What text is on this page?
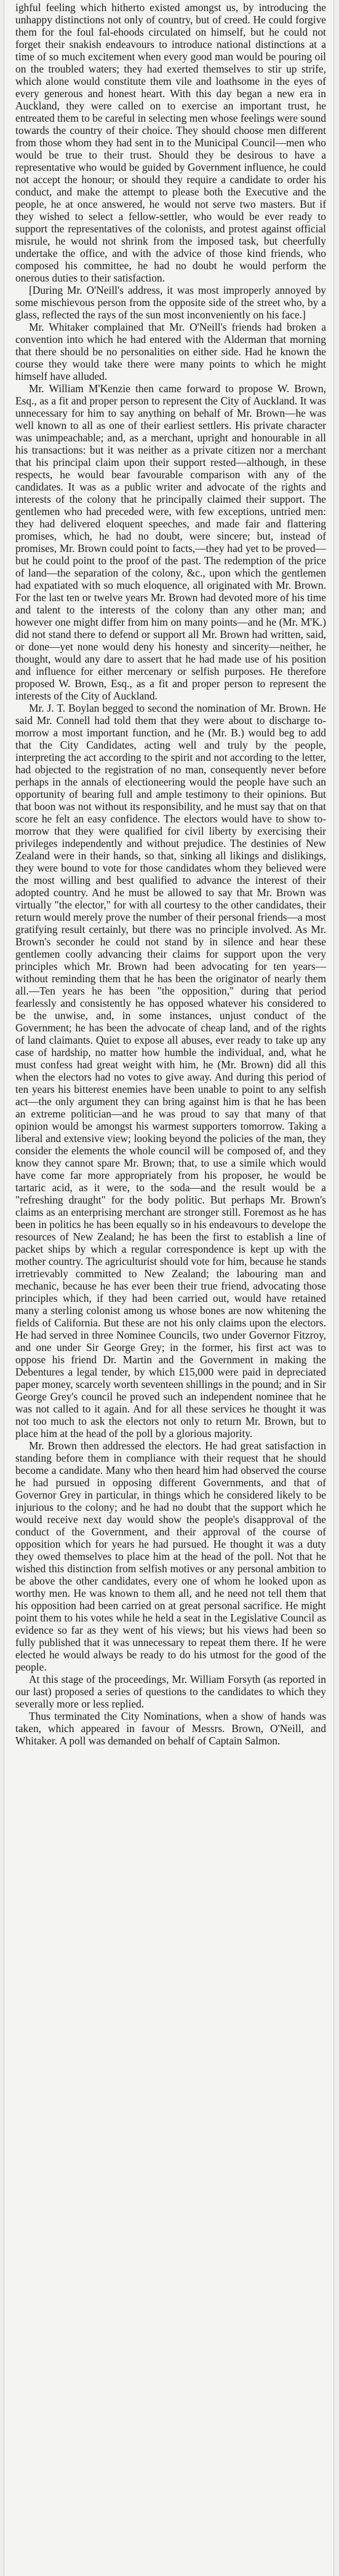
ighful feeling which hitherto existed amongst us, by introducing the unhappy distinctions not only of country, but of creed. He could forgive them for the foul fal-ehoods circulated on himself, but he could not forget their snakish endeavours to introduce national distinctions at a time of so much excitement when every good man would be pouring oil on the troubled waters; they had exerted themselves to stir up strife, which alone would constitute them vile and loathsome in the eyes of every generous and honest heart. With this day began a new era in Auckland, they were called on to exercise an important trust, he entreated them to be careful in selecting men whose feelings were sound towards the country of their choice. They should choose men different from those whom they had sent in to the Municipal Council—men who would be true to their trust. Should they be desirous to have a representative who would be guided by Government influence, he could not accept the honour; or should they require a candidate to order his conduct, and make the attempt to please both the Executive and the people, he at once answered, he would not serve two masters. But if they wished to select a fellow-settler, who would be ever ready to support the representatives of the colonists, and protest against official misrule, he would not shrink from the imposed task, but cheerfully undertake the office, and with the advice of those kind friends, who composed his committee, he had no doubt he would perform the onerous duties to their satisfaction.

[During Mr. O'Neill's address, it was most improperly annoyed by some mischievous person from the opposite side of the street who, by a glass, reflected the rays of the sun most inconveniently on his face.]

Mr. Whitaker complained that Mr. O'Neill's friends had broken a convention into which he had entered with the Alderman that morning that there should be no personalities on either side. Had he known the course they would take there were many points to which he might himself have alluded.

Mr. William M'Kenzie then came forward to propose W. Brown, Esq., as a fit and proper person to represent the City of Auckland. It was unnecessary for him to say anything on behalf of Mr. Brown—he was well known to all as one of their earliest settlers. His private character was unimpeachable; and, as a merchant, upright and honourable in all his transactions: but it was neither as a private citizen nor a merchant that his principal claim upon their support rested—although, in these respects, he would bear favourable comparison with any of the candidates. It was as a public writer and advocate of the rights and interests of the colony that he principally claimed their support. The gentlemen who had preceded were, with few exceptions, untried men: they had delivered eloquent speeches, and made fair and flattering promises, which, he had no doubt, were sincere; but, instead of promises, Mr. Brown could point to facts,—they had yet to be proved—but he could point to the proof of the past. The redemption of the price of land—the separation of the colony, &c., upon which the gentlemen had expatiated with so much eloquence, all originated with Mr. Brown. For the last ten or twelve years Mr. Brown had devoted more of his time and talent to the interests of the colony than any other man; and however one might differ from him on many points—and he (Mr. M'K.) did not stand there to defend or support all Mr. Brown had written, said, or done—yet none would deny his honesty and sincerity—neither, he thought, would any dare to assert that he had made use of his position and influence for either mercenary or selfish purposes. He therefore proposed W. Brown, Esq., as a fit and proper person to represent the interests of the City of Auckland.

Mr. J. T. Boylan begged to second the nomination of Mr. Brown. He said Mr. Connell had told them that they were about to discharge to-morrow a most important function, and he (Mr. B.) would beg to add that the City Candidates, acting well and truly by the people, interpreting the act according to the spirit and not according to the letter, had objected to the registration of no man, consequently never before perhaps in the annals of electioneering would the people have such an opportunity of bearing full and ample testimony to their opinions. But that boon was not without its responsibility, and he must say that on that score he felt an easy confidence. The electors would have to show to-morrow that they were qualified for civil liberty by exercising their privileges independently and without prejudice. The destinies of New Zealand were in their hands, so that, sinking all likings and dislikings, they were bound to vote for those candidates whom they believed were the most willing and best qualified to advance the interest of their adopted country. And he must be allowed to say that Mr. Brown was virtually "the elector," for with all courtesy to the other candidates, their return would merely prove the number of their personal friends—a most gratifying result certainly, but there was no principle involved. As Mr. Brown's seconder he could not stand by in silence and hear these gentlemen coolly advancing their claims for support upon the very principles which Mr. Brown had been advocating for ten years—without reminding them that he has been the originator of nearly them all.—Ten years he has been "the opposition," during that period fearlessly and consistently he has opposed whatever his considered to be the unwise, and, in some instances, unjust conduct of the Government; he has been the advocate of cheap land, and of the rights of land claimants. Quiet to expose all abuses, ever ready to take up any case of hardship, no matter how humble the individual, and, what he must confess had great weight with him, he (Mr. Brown) did all this when the electors had no votes to give away. And during this period of ten years his bitterest enemies have been unable to point to any selfish act—the only argument they can bring against him is that he has been an extreme politician—and he was proud to say that many of that opinion would be amongst his warmest supporters tomorrow. Taking a liberal and extensive view; looking beyond the policies of the man, they consider the elements the whole council will be composed of, and they know they cannot spare Mr. Brown; that, to use a simile which would have come far more appropriately from his proposer, he would be tartaric acid, as it were, to the soda—and the result would be a "refreshing draught" for the body politic. But perhaps Mr. Brown's claims as an enterprising merchant are stronger still. Foremost as he has been in politics he has been equally so in his endeavours to develope the resources of New Zealand; he has been the first to establish a line of packet ships by which a regular correspondence is kept up with the mother country. The agriculturist should vote for him, because he stands irretrievably committed to New Zealand; the labouring man and mechanic, because he has ever been their true friend, advocating those principles which, if they had been carried out, would have retained many a sterling colonist among us whose bones are now whitening the fields of California. But these are not his only claims upon the electors. He had served in three Nominee Councils, two under Governor Fitzroy, and one under Sir George Grey; in the former, his first act was to oppose his friend Dr. Martin and the Government in making the Debentures a legal tender, by which £15,000 were paid in depreciated paper money, scarcely worth seventeen shillings in the pound; and in Sir George Grey's council he proved such an independent nominee that he was not called to it again. And for all these services he thought it was not too much to ask the electors not only to return Mr. Brown, but to place him at the head of the poll by a glorious majority.

Mr. Brown then addressed the electors. He had great satisfaction in standing before them in compliance with their request that he should become a candidate. Many who then heard him had observed the course he had pursued in opposing different Governments, and that of Governor Grey in particular, in things which he considered likely to be injurious to the colony; and he had no doubt that the support which he would receive next day would show the people's disapproval of the conduct of the Government, and their approval of the course of opposition which for years he had pursued. He thought it was a duty they owed themselves to place him at the head of the poll. Not that he wished this distinction from selfish motives or any personal ambition to be above the other candidates, every one of whom he looked upon as worthy men. He was known to them all, and he need not tell them that his opposition had been carried on at great personal sacrifice. He might point them to his votes while he held a seat in the Legislative Council as evidence so far as they went of his views; but his views had been so fully published that it was unnecessary to repeat them there. If he were elected he would always be ready to do his utmost for the good of the people.

At this stage of the proceedings, Mr. William Forsyth (as reported in our last) proposed a series of questions to the candidates to which they severally more or less replied.

Thus terminated the City Nominations, when a show of hands was taken, which appeared in favour of Messrs. Brown, O'Neill, and Whitaker. A poll was demanded on behalf of Captain Salmon.
